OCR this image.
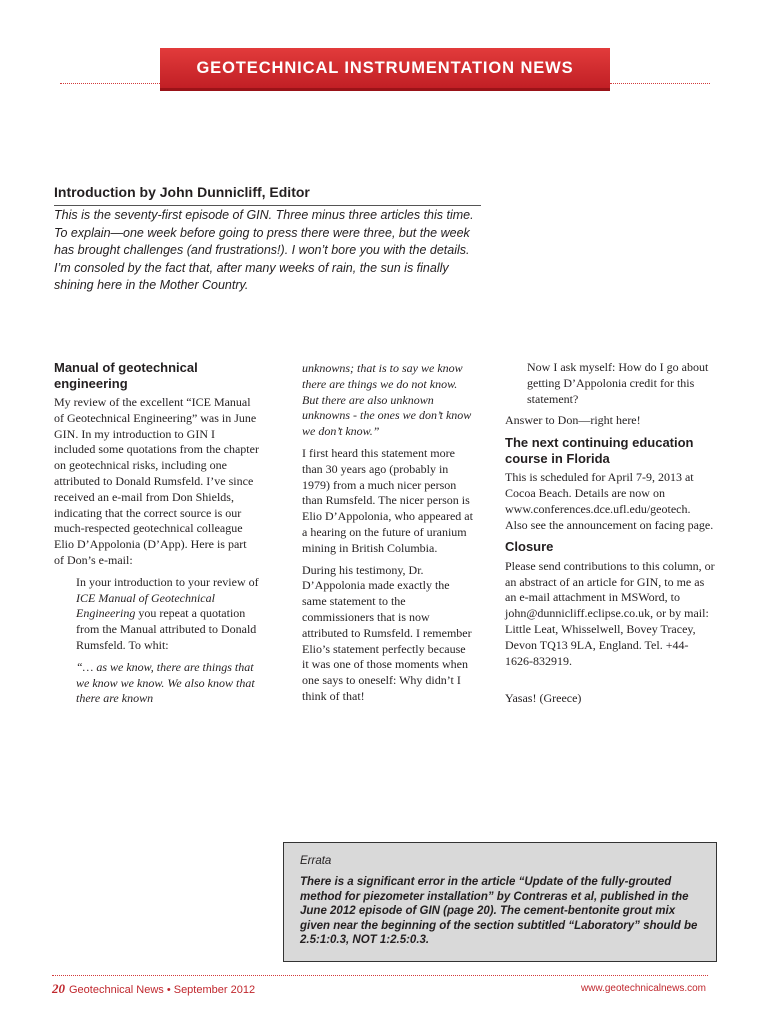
GEOTECHNICAL INSTRUMENTATION NEWS
Introduction by John Dunnicliff, Editor
This is the seventy-first episode of GIN. Three minus three articles this time. To explain—one week before going to press there were three, but the week has brought challenges (and frustrations!). I won’t bore you with the details. I’m consoled by the fact that, after many weeks of rain, the sun is finally shining here in the Mother Country.
Manual of geotechnical engineering

My review of the excellent “ICE Manual of Geotechnical Engineering” was in June GIN. In my introduction to GIN I included some quotations from the chapter on geotechnical risks, including one attributed to Donald Rumsfeld. I’ve since received an e-mail from Don Shields, indicating that the correct source is our much-respected geotechnical colleague Elio D’Appolonia (D’App). Here is part of Don’s e-mail:

In your introduction to your review of ICE Manual of Geotechnical Engineering you repeat a quotation from the Manual attributed to Donald Rumsfeld. To whit:

“… as we know, there are things that we know we know. We also know that there are known

unknowns; that is to say we know there are things we do not know. But there are also unknown unknowns - the ones we don’t know we don’t know.”

I first heard this statement more than 30 years ago (probably in 1979) from a much nicer person than Rumsfeld. The nicer person is Elio D’Appolonia, who appeared at a hearing on the future of uranium mining in British Columbia.

During his testimony, Dr. D’Appolonia made exactly the same statement to the commissioners that is now attributed to Rumsfeld. I remember Elio’s statement perfectly because it was one of those moments when one says to oneself: Why didn’t I think of that!

Now I ask myself: How do I go about getting D’Appolonia credit for this statement?

Answer to Don—right here!

The next continuing education course in Florida

This is scheduled for April 7-9, 2013 at Cocoa Beach. Details are now on www.conferences.dce.ufl.edu/geotech. Also see the announcement on facing page.

Closure

Please send contributions to this column, or an abstract of an article for GIN, to me as an e-mail attachment in MSWord, to john@dunnicliff.eclipse.co.uk, or by mail: Little Leat, Whisselwell, Bovey Tracey, Devon TQ13 9LA, England. Tel. +44-1626-832919.

Yasas! (Greece)

Errata
There is a significant error in the article “Update of the fully-grouted method for piezometer installation” by Contreras et al, published in the June 2012 episode of GIN (page 20). The cement-bentonite grout mix given near the beginning of the section subtitled “Laboratory” should be 2.5:1:0.3, NOT 1:2.5:0.3.
20 Geotechnical News • September 2012	www.geotechnicalnews.com
